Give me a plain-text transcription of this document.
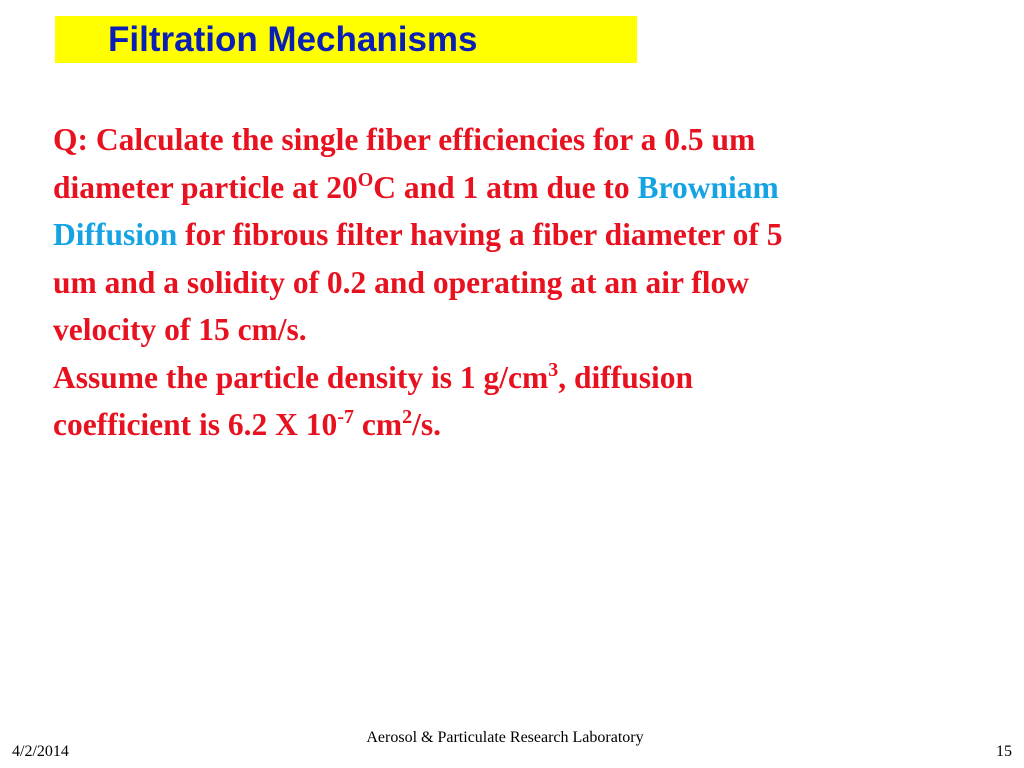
Filtration Mechanisms
Q: Calculate the single fiber efficiencies for a 0.5 um
diameter particle at $20^OC$ and 1 atm due to Browniam
Diffusion for fibrous filter having a fiber diameter of 5
um and a solidity of 0.2 and operating at an air flow
velocity of 15 cm/s.
Assume the particle density is 1 $g/cm^3$, diffusion
coefficient is 6.2 X $10^{-7}$ $cm^2/s$.
Aerosol & Particulate Research Laboratory
4/2/2014	15
